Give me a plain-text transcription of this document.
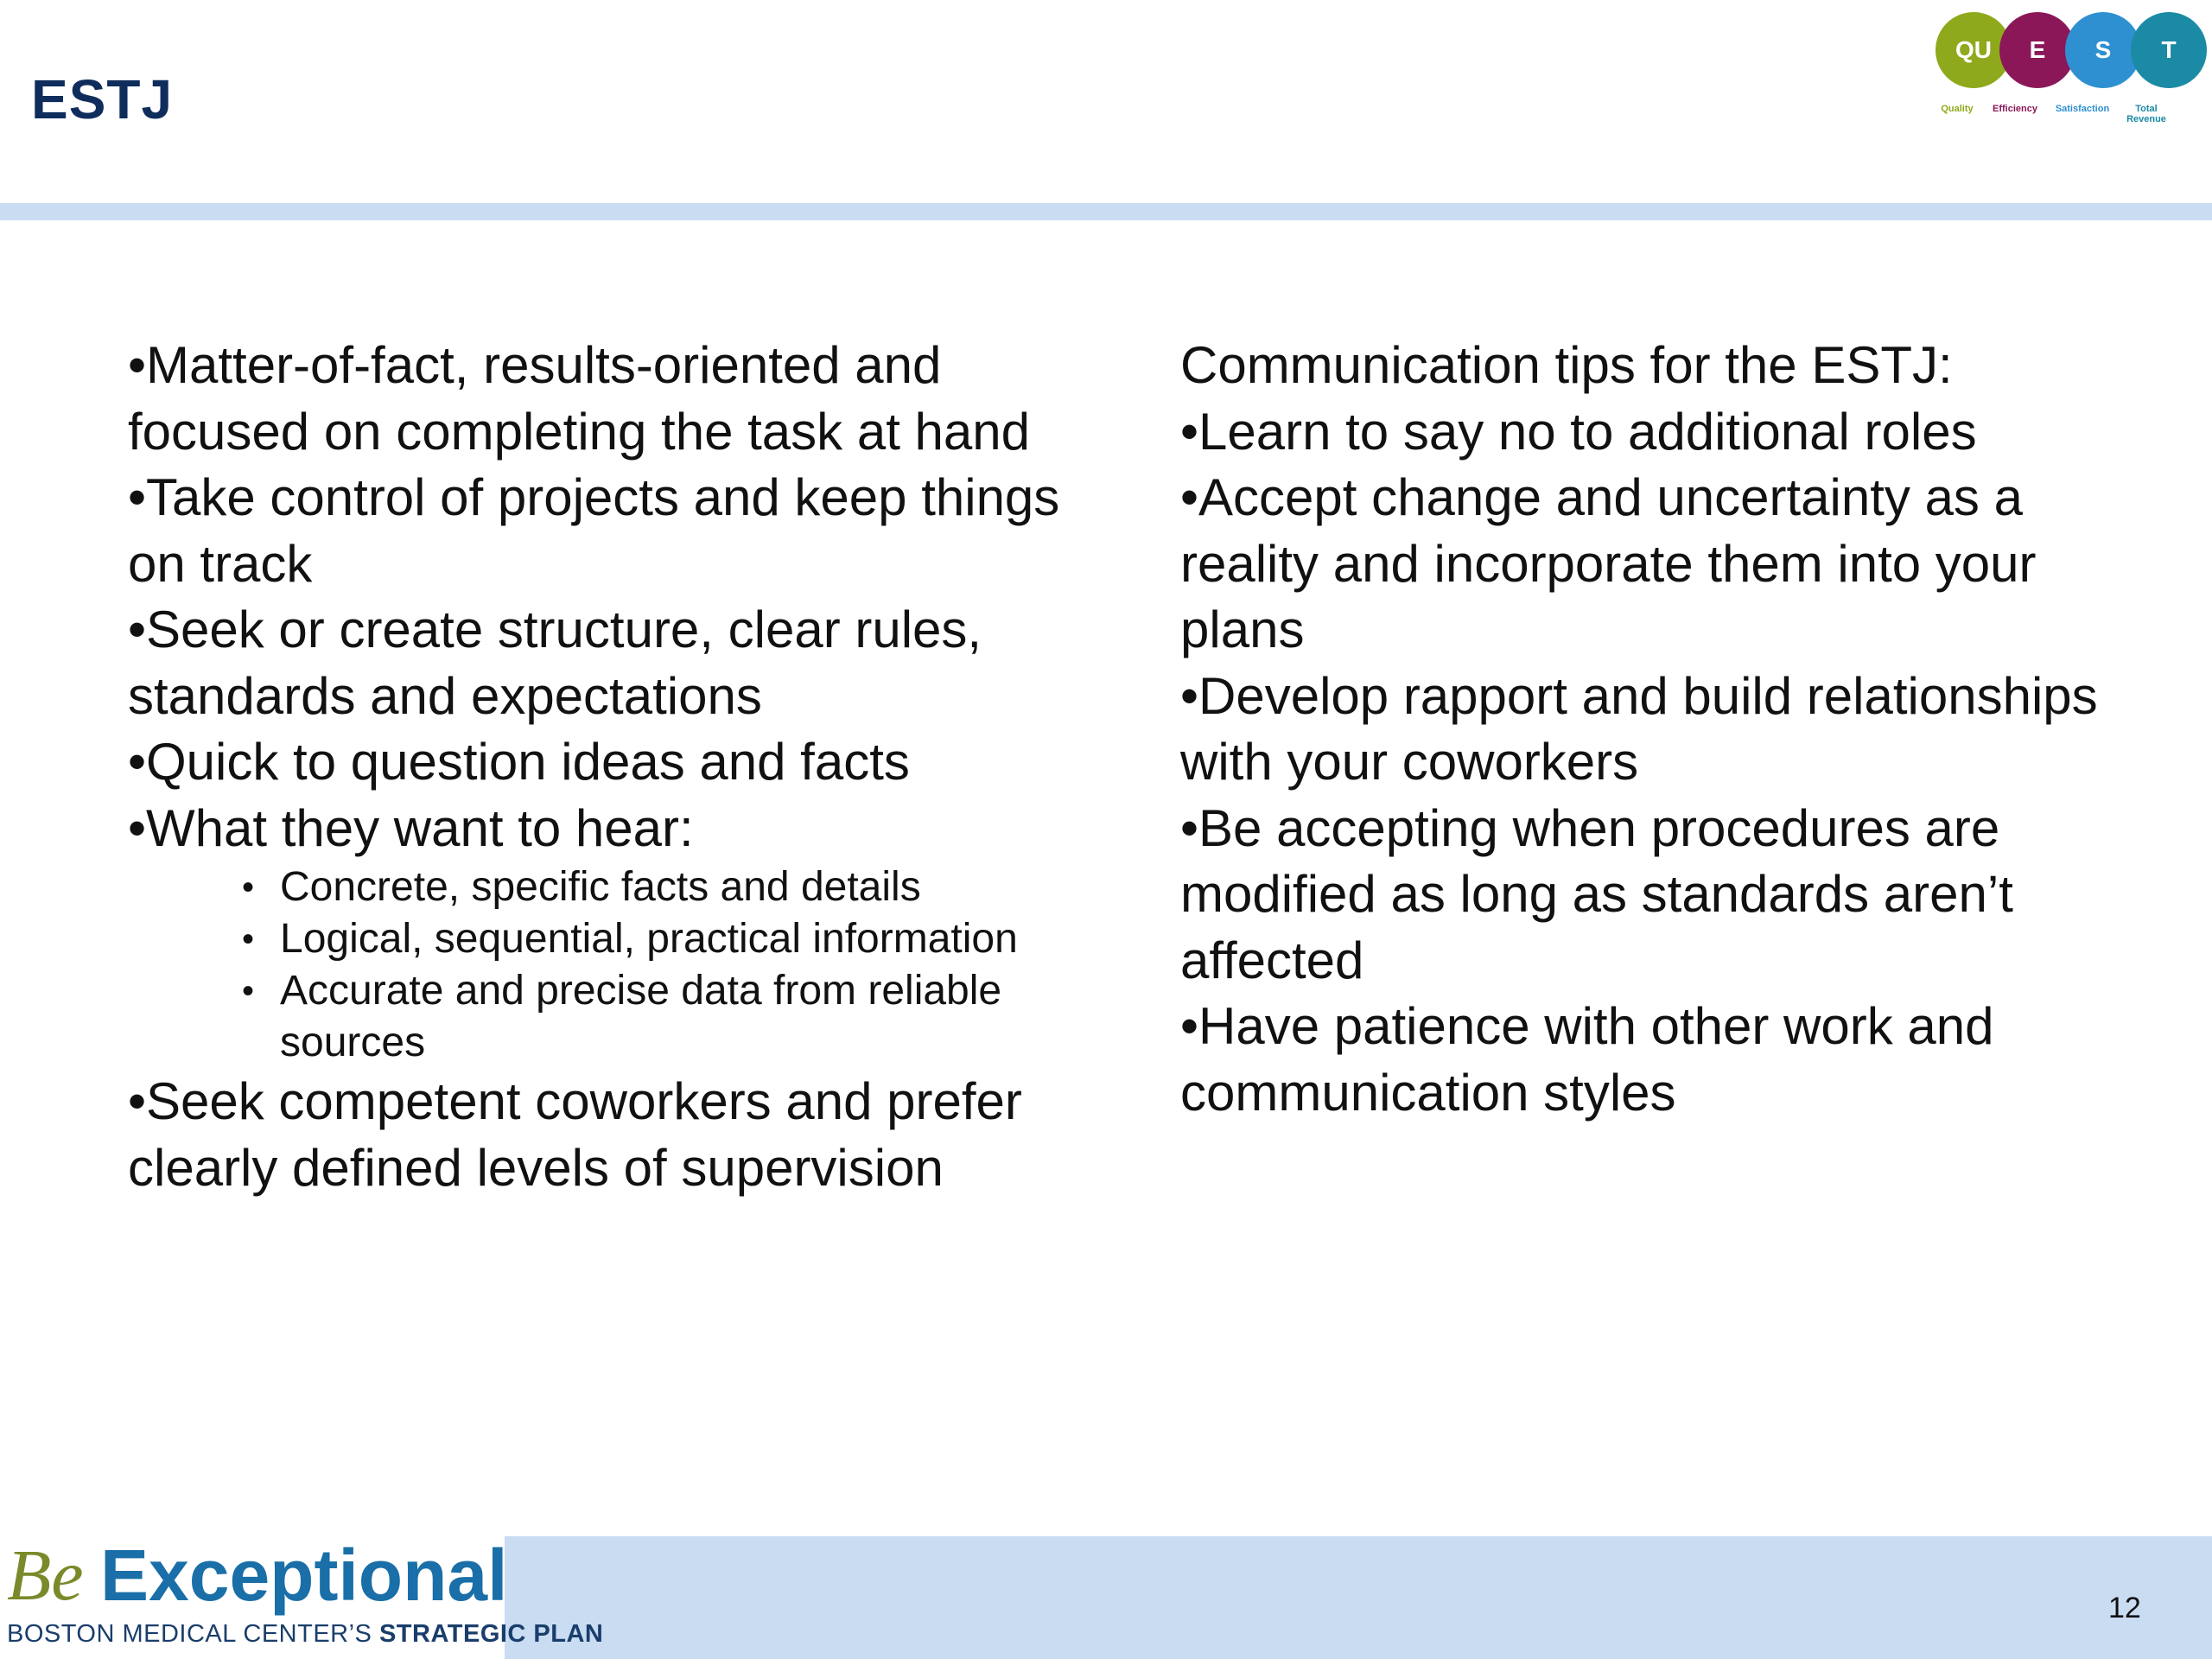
ESTJ
QU	E	S	T
Quality	Efficiency	Satisfaction	Total Revenue

•Matter-of-fact, results-oriented and focused on completing the task at hand

•Take control of projects and keep things on track

•Seek or create structure, clear rules, standards and expectations

•Quick to question ideas and facts

•What they want to hear:

• Concrete, specific facts and details
• Logical, sequential, practical information
• Accurate and precise data from reliable sources

•Seek competent coworkers and prefer clearly defined levels of supervision

Communication tips for the ESTJ:

•Learn to say no to additional roles

•Accept change and uncertainty as a reality and incorporate them into your plans

•Develop rapport and build relationships with your coworkers

•Be accepting when procedures are modified as long as standards aren’t affected

•Have patience with other work and communication styles

Be Exceptional
BOSTON MEDICAL CENTER’S STRATEGIC PLAN
12
